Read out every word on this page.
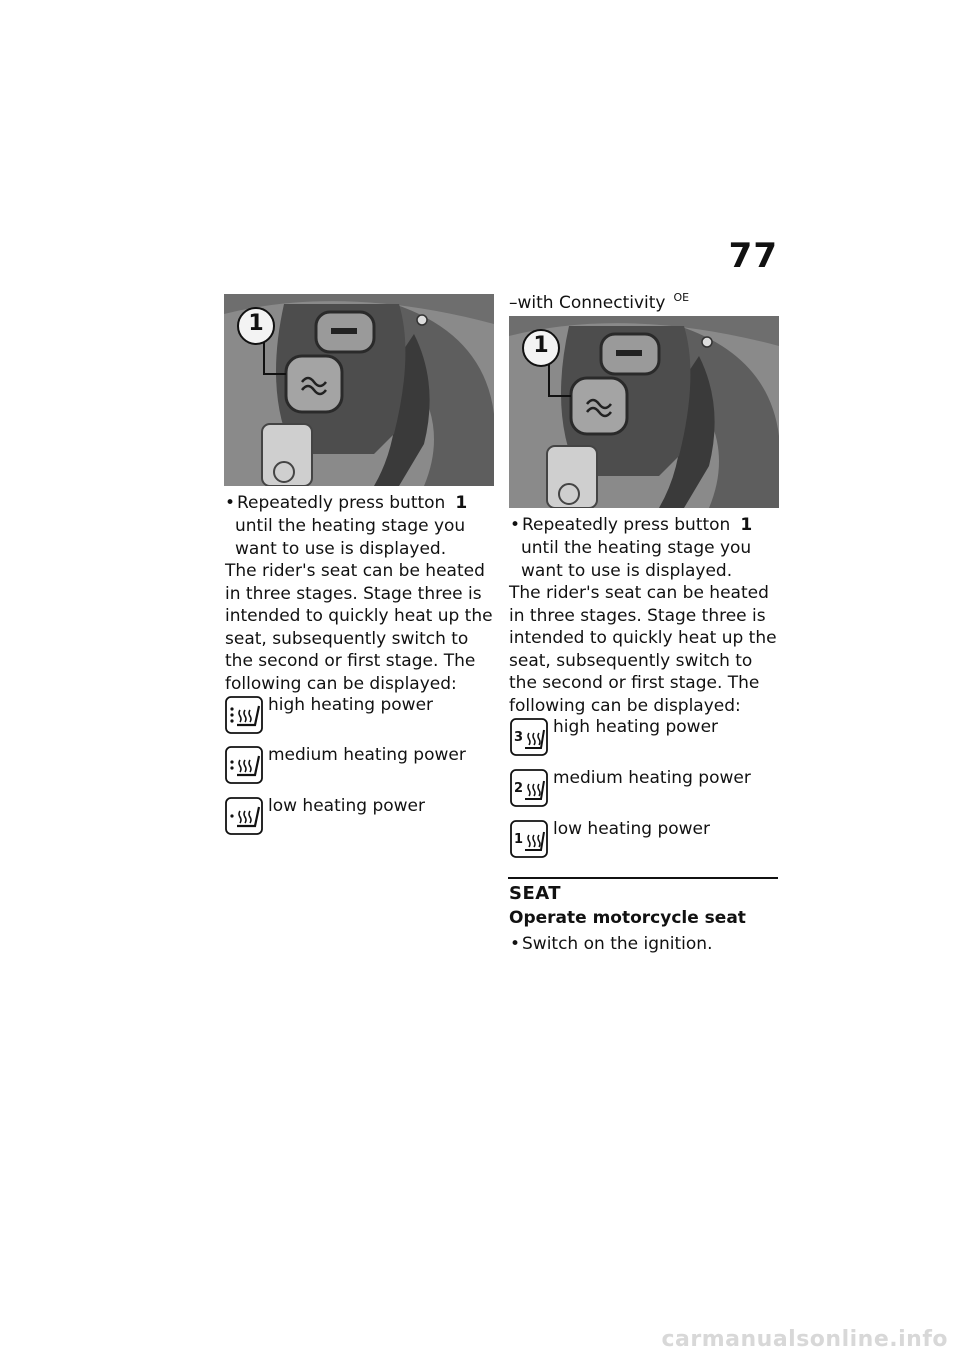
77
1
• Repeatedly press button 1
until the heating stage you
want to use is displayed.
The rider's seat can be heated
in three stages. Stage three is
intended to quickly heat up the
seat, subsequently switch to
the second or first stage. The
following can be displayed:
high heating power
medium heating power
low heating power
–with Connectivity $^{OE}$
1
• Repeatedly press button 1
until the heating stage you
want to use is displayed.
The rider's seat can be heated
in three stages. Stage three is
intended to quickly heat up the
seat, subsequently switch to
the second or first stage. The
following can be displayed:
3
high heating power
2
medium heating power
1
low heating power
SEAT
Operate motorcycle seat
• Switch on the ignition.
carmanualsonline.info
